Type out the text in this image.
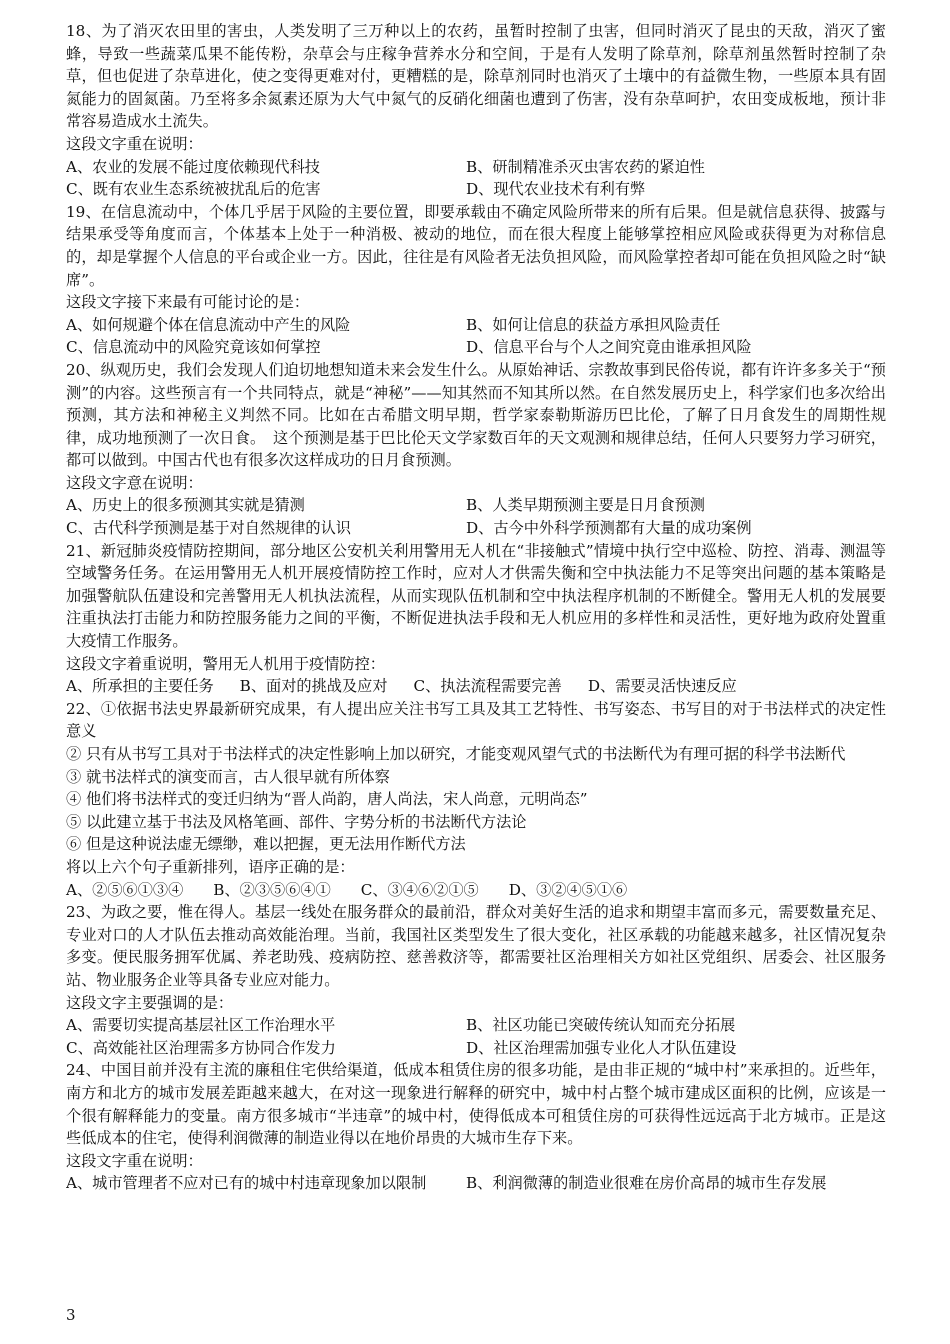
18、为了消灭农田里的害虫，人类发明了三万种以上的农药，虽暂时控制了虫害，但同时消灭了昆虫的天敌，消灭了蜜蜂，导致一些蔬菜瓜果不能传粉，杂草会与庄稼争营养水分和空间，于是有人发明了除草剂，除草剂虽然暂时控制了杂草，但也促进了杂草进化，使之变得更难对付，更糟糕的是，除草剂同时也消灭了土壤中的有益微生物，一些原本具有固氮能力的固氮菌。乃至将多余氮素还原为大气中氮气的反硝化细菌也遭到了伤害，没有杂草呵护，农田变成板地，预计非常容易造成水土流失。

这段文字重在说明：

A、农业的发展不能过度依赖现代科技	B、研制精准杀灭虫害农药的紧迫性
C、既有农业生态系统被扰乱后的危害	D、现代农业技术有利有弊

19、在信息流动中，个体几乎居于风险的主要位置，即要承载由不确定风险所带来的所有后果。但是就信息获得、披露与结果承受等角度而言，个体基本上处于一种消极、被动的地位，而在很大程度上能够掌控相应风险或获得更为对称信息的，却是掌握个人信息的平台或企业一方。因此，往往是有风险者无法负担风险，而风险掌控者却可能在负担风险之时“缺席”。

这段文字接下来最有可能讨论的是：

A、如何规避个体在信息流动中产生的风险	B、如何让信息的获益方承担风险责任
C、信息流动中的风险究竟该如何掌控	D、信息平台与个人之间究竟由谁承担风险

20、纵观历史，我们会发现人们迫切地想知道未来会发生什么。从原始神话、宗教故事到民俗传说，都有许许多多关于“预测”的内容。这些预言有一个共同特点，就是“神秘”——知其然而不知其所以然。在自然发展历史上，科学家们也多次给出预测，其方法和神秘主义判然不同。比如在古希腊文明早期，哲学家泰勒斯游历巴比伦，了解了日月食发生的周期性规律，成功地预测了一次日食。　这个预测是基于巴比伦天文学家数百年的天文观测和规律总结，任何人只要努力学习研究，都可以做到。中国古代也有很多次这样成功的日月食预测。

这段文字意在说明：

A、历史上的很多预测其实就是猜测	B、人类早期预测主要是日月食预测
C、古代科学预测是基于对自然规律的认识	D、古今中外科学预测都有大量的成功案例

21、新冠肺炎疫情防控期间，部分地区公安机关利用警用无人机在“非接触式”情境中执行空中巡检、防控、消毒、测温等空域警务任务。在运用警用无人机开展疫情防控工作时，应对人才供需失衡和空中执法能力不足等突出问题的基本策略是加强警航队伍建设和完善警用无人机执法流程，从而实现队伍机制和空中执法程序机制的不断健全。警用无人机的发展要注重执法打击能力和防控服务能力之间的平衡，不断促进执法手段和无人机应用的多样性和灵活性，更好地为政府处置重大疫情工作服务。

这段文字着重说明，警用无人机用于疫情防控：

A、所承担的主要任务 B、面对的挑战及应对 C、执法流程需要完善 D、需要灵活快速反应

22、①依据书法史界最新研究成果，有人提出应关注书写工具及其工艺特性、书写姿态、书写目的对于书法样式的决定性意义

② 只有从书写工具对于书法样式的决定性影响上加以研究，才能变观风望气式的书法断代为有理可据的科学书法断代

③ 就书法样式的演变而言，古人很早就有所体察

④ 他们将书法样式的变迁归纳为“晋人尚韵，唐人尚法，宋人尚意，元明尚态”

⑤ 以此建立基于书法及风格笔画、部件、字势分析的书法断代方法论

⑥ 但是这种说法虚无缥缈，难以把握，更无法用作断代方法

将以上六个句子重新排列，语序正确的是：

A、②⑤⑥①③④ B、②③⑤⑥④① C、③④⑥②①⑤ D、③②④⑤①⑥

23、为政之要，惟在得人。基层一线处在服务群众的最前沿，群众对美好生活的追求和期望丰富而多元，需要数量充足、专业对口的人才队伍去推动高效能治理。当前，我国社区类型发生了很大变化，社区承载的功能越来越多，社区情况复杂多变。便民服务拥军优属、养老助残、疫病防控、慈善救济等，都需要社区治理相关方如社区党组织、居委会、社区服务站、物业服务企业等具备专业应对能力。

这段文字主要强调的是：

A、需要切实提高基层社区工作治理水平	B、社区功能已突破传统认知而充分拓展
C、高效能社区治理需多方协同合作发力	D、社区治理需加强专业化人才队伍建设

24、中国目前并没有主流的廉租住宅供给渠道，低成本租赁住房的很多功能，是由非正规的“城中村”来承担的。近些年，南方和北方的城市发展差距越来越大，在对这一现象进行解释的研究中，城中村占整个城市建成区面积的比例，应该是一个很有解释能力的变量。南方很多城市“半违章”的城中村，使得低成本可租赁住房的可获得性远远高于北方城市。正是这些低成本的住宅，使得利润微薄的制造业得以在地价昂贵的大城市生存下来。

这段文字重在说明：

A、城市管理者不应对已有的城中村违章现象加以限制	B、利润微薄的制造业很难在房价高昂的城市生存发展
3
